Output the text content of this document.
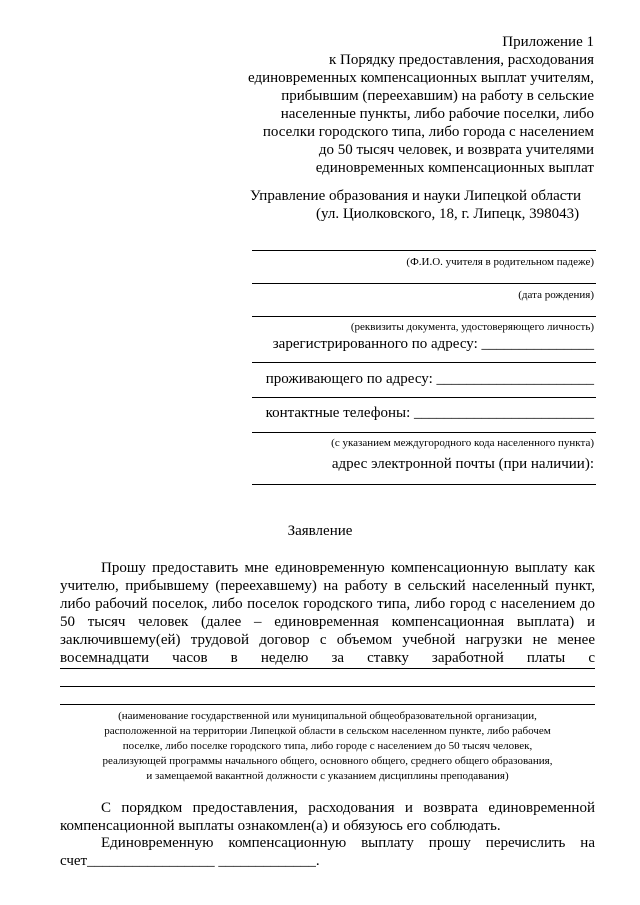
Приложение 1
к Порядку предоставления, расходования
единовременных компенсационных выплат учителям,
прибывшим (переехавшим) на работу в сельские
населенные пункты, либо рабочие поселки, либо
поселки городского типа, либо города с населением
до 50 тысяч человек, и возврата учителями
единовременных компенсационных выплат
Управление образования и науки Липецкой области
(ул. Циолковского, 18, г. Липецк, 398043)
(Ф.И.О. учителя в родительном падеже)
(дата рождения)
(реквизиты документа, удостоверяющего личность)
зарегистрированного по адресу: _______________
проживающего по адресу: _____________________
контактные телефоны: ________________________
(с указанием междугородного кода населенного пункта)
адрес электронной почты (при наличии):
Заявление
Прошу предоставить мне единовременную компенсационную выплату как
учителю, прибывшему (переехавшему) на работу в сельский населенный пункт,
либо рабочий поселок, либо поселок городского типа, либо город с населением до
50 тысяч человек (далее – единовременная компенсационная выплата) и
заключившему(ей) трудовой договор с объемом учебной нагрузки не менее
восемнадцати часов в неделю за ставку заработной платы с
(наименование государственной или муниципальной общеобразовательной организации,
расположенной на территории Липецкой области в сельском населенном пункте, либо рабочем
поселке, либо поселке городского типа, либо городе с населением до 50 тысяч человек,
реализующей программы начального общего, основного общего, среднего общего образования,
и замещаемой вакантной должности с указанием дисциплины преподавания)
С порядком предоставления, расходования и возврата единовременной
компенсационной выплаты ознакомлен(а) и обязуюсь его соблюдать.
Единовременную компенсационную выплату прошу перечислить на
счет_________________ _____________.
